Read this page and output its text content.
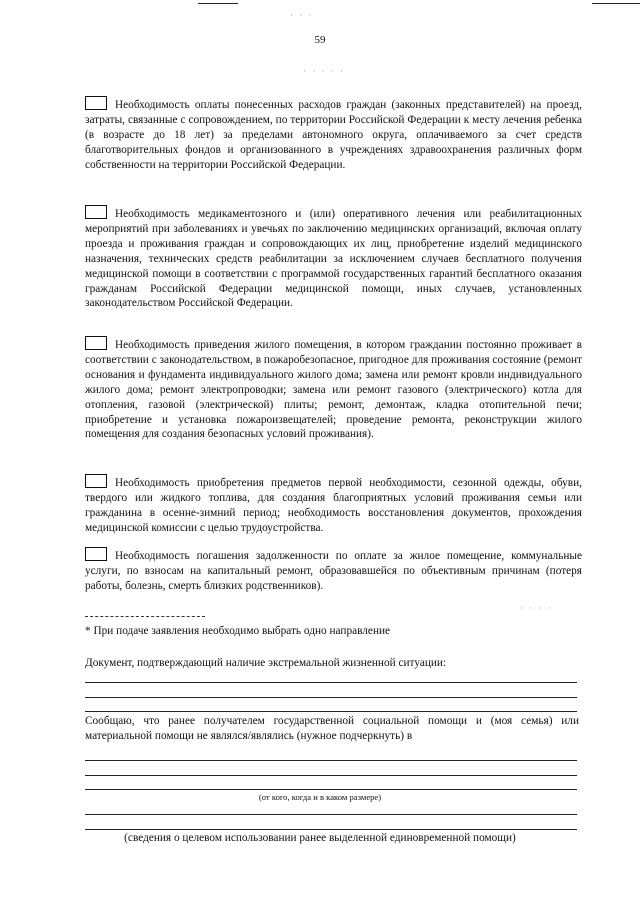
· · ·
· · · · ·
59
Необходимость оплаты понесенных расходов граждан (законных представителей) на проезд, затраты, связанные с сопровождением, по территории Российской Федерации к месту лечения ребенка (в возрасте до 18 лет) за пределами автономного округа, оплачиваемого за счет средств благотворительных фондов и организованного в учреждениях здравоохранения различных форм собственности на территории Российской Федерации.
Необходимость медикаментозного и (или) оперативного лечения или реабилитационных мероприятий при заболеваниях и увечьях по заключению медицинских организаций, включая оплату проезда и проживания граждан и сопровождающих их лиц, приобретение изделий медицинского назначения, технических средств реабилитации за исключением случаев бесплатного получения медицинской помощи в соответствии с программой государственных гарантий бесплатного оказания гражданам Российской Федерации медицинской помощи, иных случаев, установленных законодательством Российской Федерации.
Необходимость приведения жилого помещения, в котором гражданин постоянно проживает в соответствии с законодательством, в пожаробезопасное, пригодное для проживания состояние (ремонт основания и фундамента индивидуального жилого дома; замена или ремонт кровли индивидуального жилого дома; ремонт электропроводки; замена или ремонт газового (электрического) котла для отопления, газовой (электрической) плиты; ремонт, демонтаж, кладка отопительной печи; приобретение и установка пожароизвещателей; проведение ремонта, реконструкции жилого помещения для создания безопасных условий проживания).
Необходимость приобретения предметов первой необходимости, сезонной одежды, обуви, твердого или жидкого топлива, для создания благоприятных условий проживания семьи или гражданина в осенне-зимний период; необходимость восстановления документов, прохождения медицинской комиссии с целью трудоустройства.
Необходимость погашения задолженности по оплате за жилое помещение, коммунальные услуги, по взносам на капитальный ремонт, образовавшейся по объективным причинам (потеря работы, болезнь, смерть близких родственников).
· · · ·
* При подаче заявления необходимо выбрать одно направление
Документ, подтверждающий наличие экстремальной жизненной ситуации:
Сообщаю, что ранее получателем государственной социальной помощи и (моя семья) или материальной помощи не являлся/являлись (нужное подчеркнуть) в
(от кого, когда и в каком размере)
(сведения о целевом использовании ранее выделенной единовременной помощи)
